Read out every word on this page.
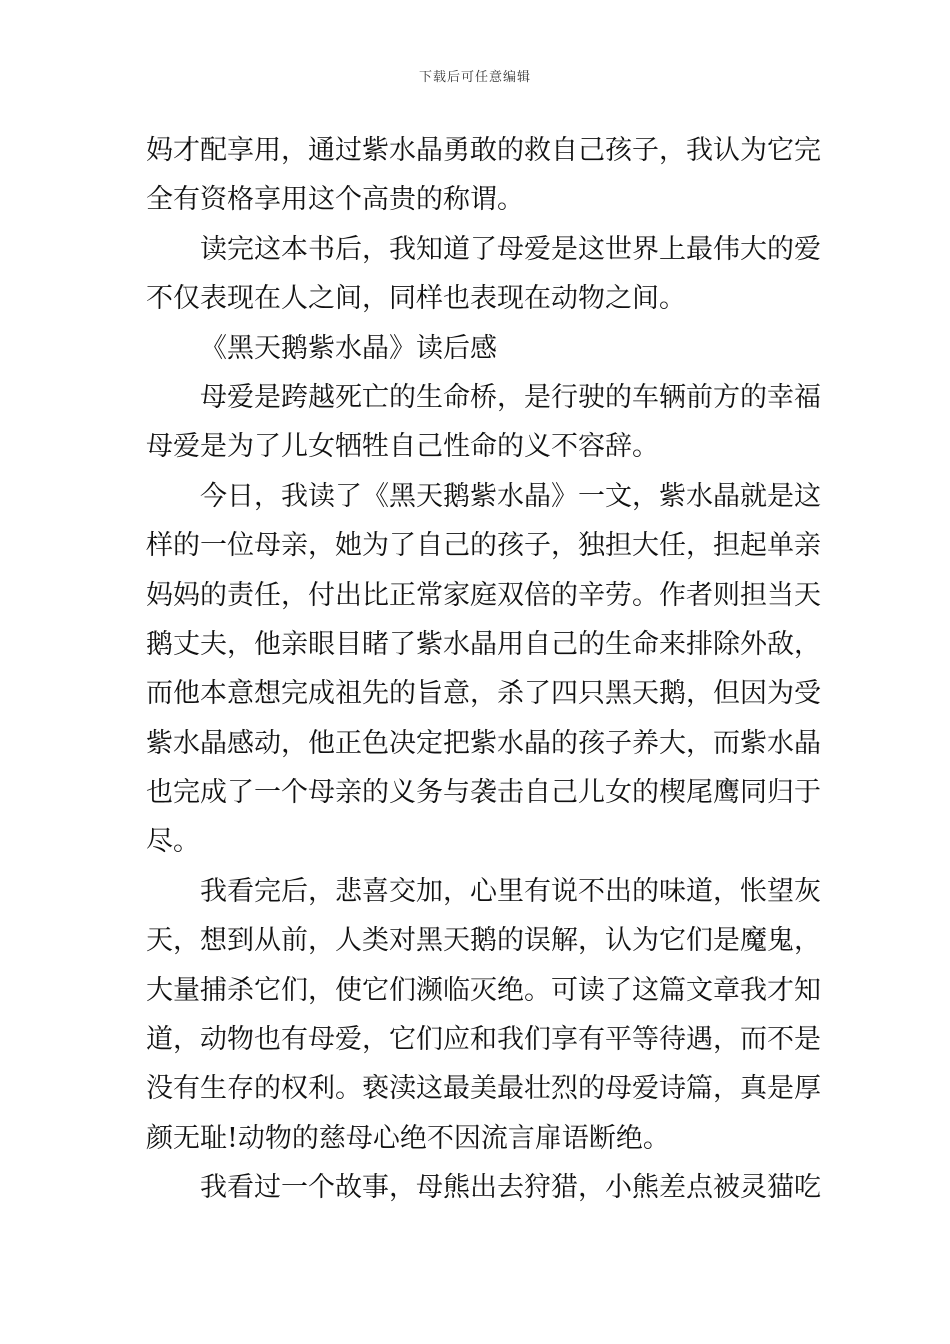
下载后可任意编辑
妈才配享用，通过紫水晶勇敢的救自己孩子，我认为它完
全有资格享用这个高贵的称谓。
读完这本书后，我知道了母爱是这世界上最伟大的爱
不仅表现在人之间，同样也表现在动物之间。
《黑天鹅紫水晶》读后感
母爱是跨越死亡的生命桥，是行驶的车辆前方的幸福
母爱是为了儿女牺牲自己性命的义不容辞。
今日，我读了《黑天鹅紫水晶》一文，紫水晶就是这
样的一位母亲，她为了自己的孩子，独担大任，担起单亲
妈妈的责任，付出比正常家庭双倍的辛劳。作者则担当天
鹅丈夫，他亲眼目睹了紫水晶用自己的生命来排除外敌，
而他本意想完成祖先的旨意，杀了四只黑天鹅，但因为受
紫水晶感动，他正色决定把紫水晶的孩子养大，而紫水晶
也完成了一个母亲的义务与袭击自己儿女的楔尾鹰同归于
尽。
我看完后，悲喜交加，心里有说不出的味道，怅望灰
天，想到从前，人类对黑天鹅的误解，认为它们是魔鬼，
大量捕杀它们，使它们濒临灭绝。可读了这篇文章我才知
道，动物也有母爱，它们应和我们享有平等待遇，而不是
没有生存的权利。亵渎这最美最壮烈的母爱诗篇，真是厚
颜无耻!动物的慈母心绝不因流言扉语断绝。
我看过一个故事，母熊出去狩猎，小熊差点被灵猫吃
